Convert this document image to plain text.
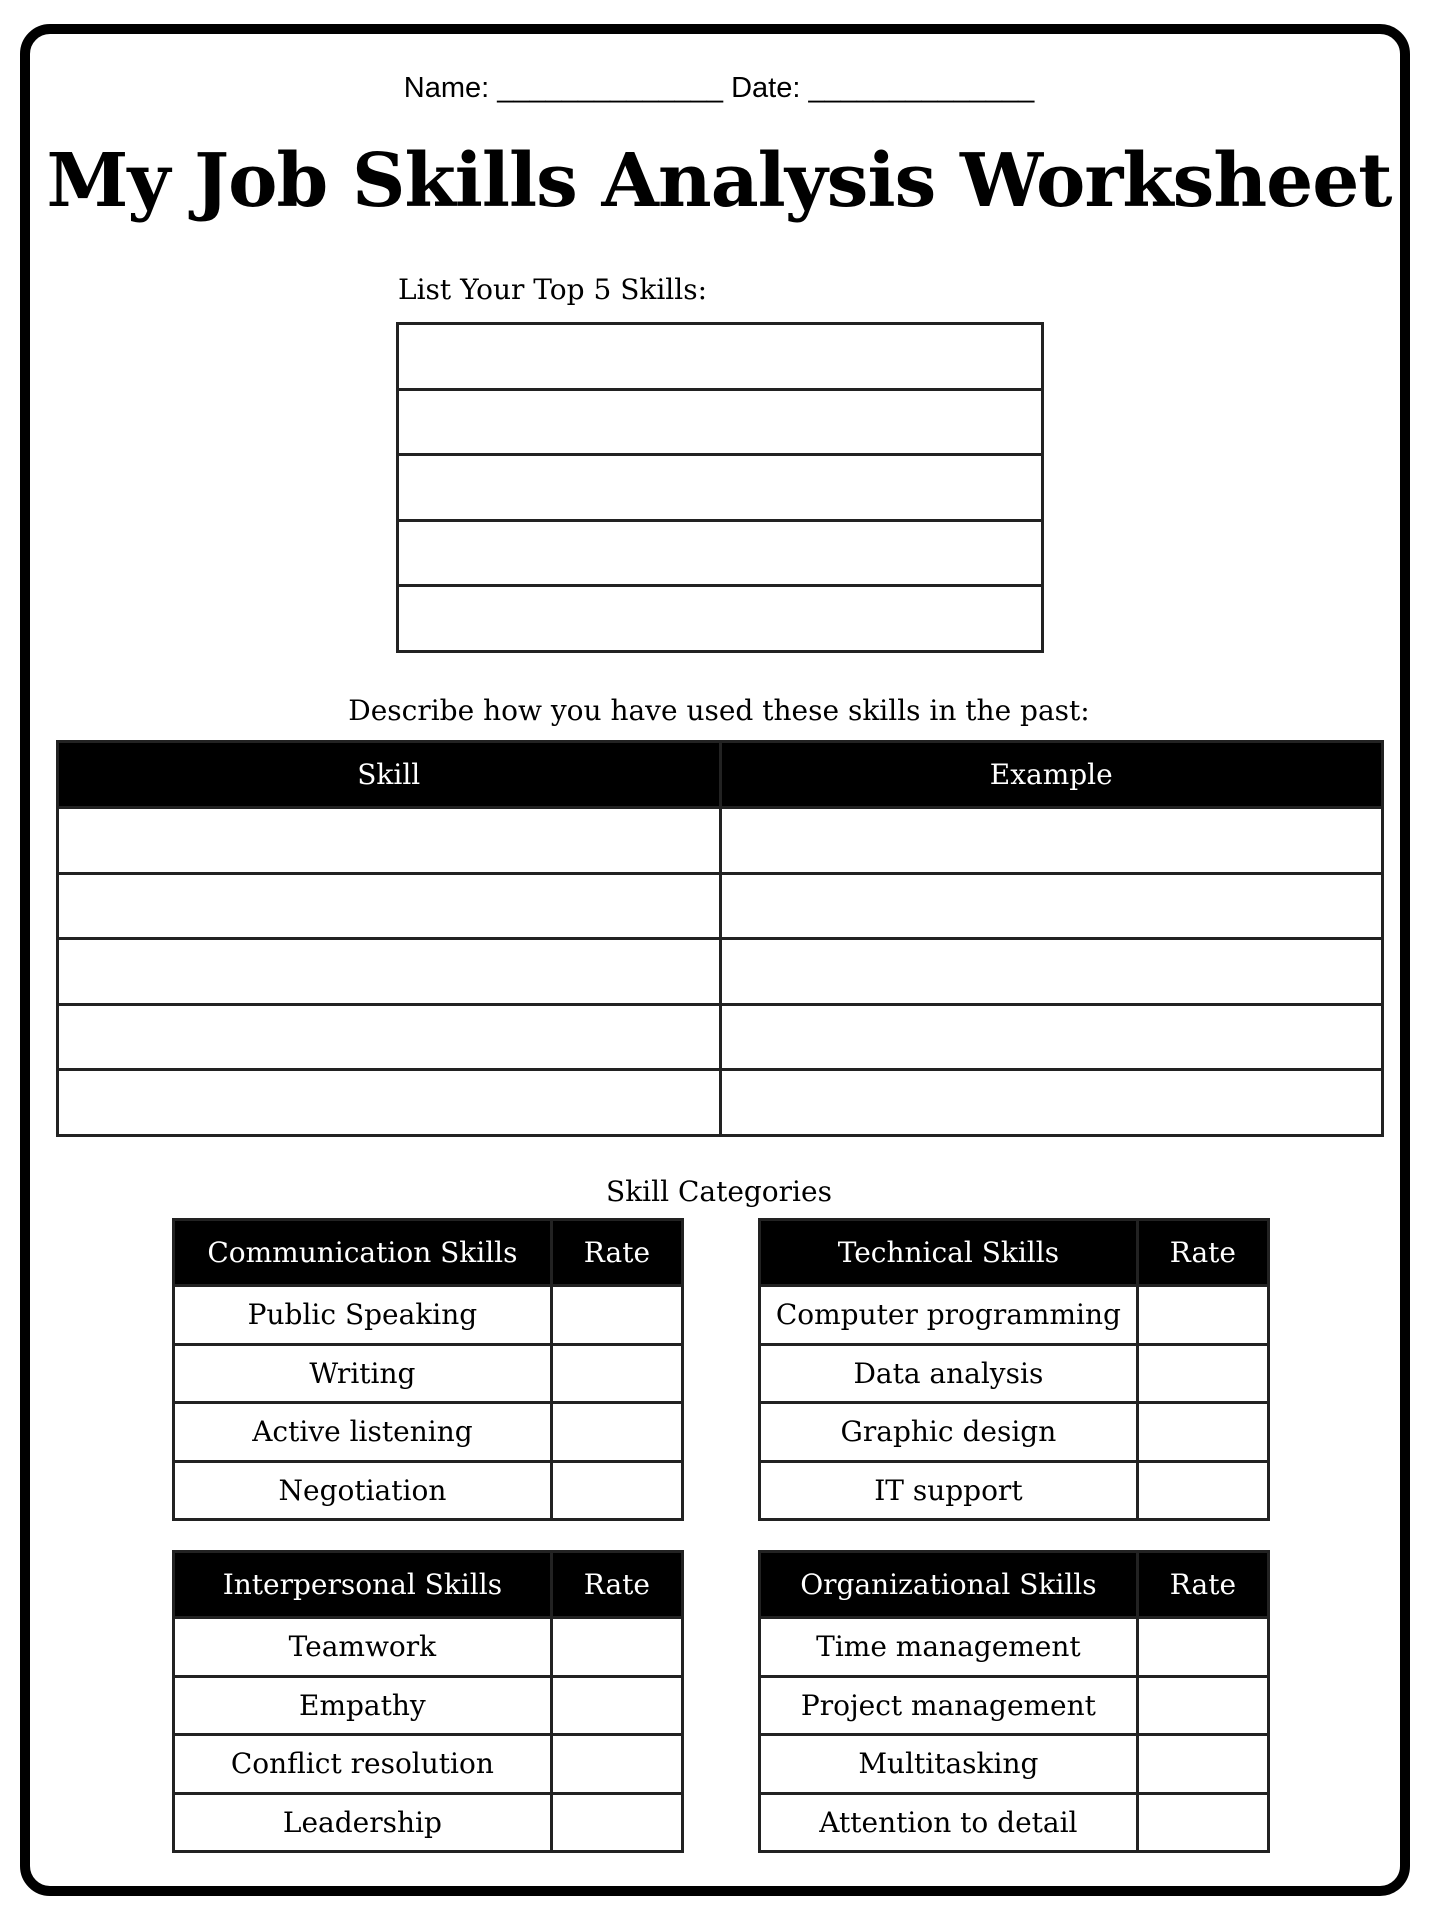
Name: ______________ Date: ______________
My Job Skills Analysis Worksheet
List Your Top 5 Skills:

Describe how you have used these skills in the past:
Skill	Example

Skill Categories
Communication Skills	Rate
Public Speaking	
Writing	
Active listening	
Negotiation	
Technical Skills	Rate
Computer programming	
Data analysis	
Graphic design	
IT support	
Interpersonal Skills	Rate
Teamwork	
Empathy	
Conflict resolution	
Leadership	
Organizational Skills	Rate
Time management	
Project management	
Multitasking	
Attention to detail	
